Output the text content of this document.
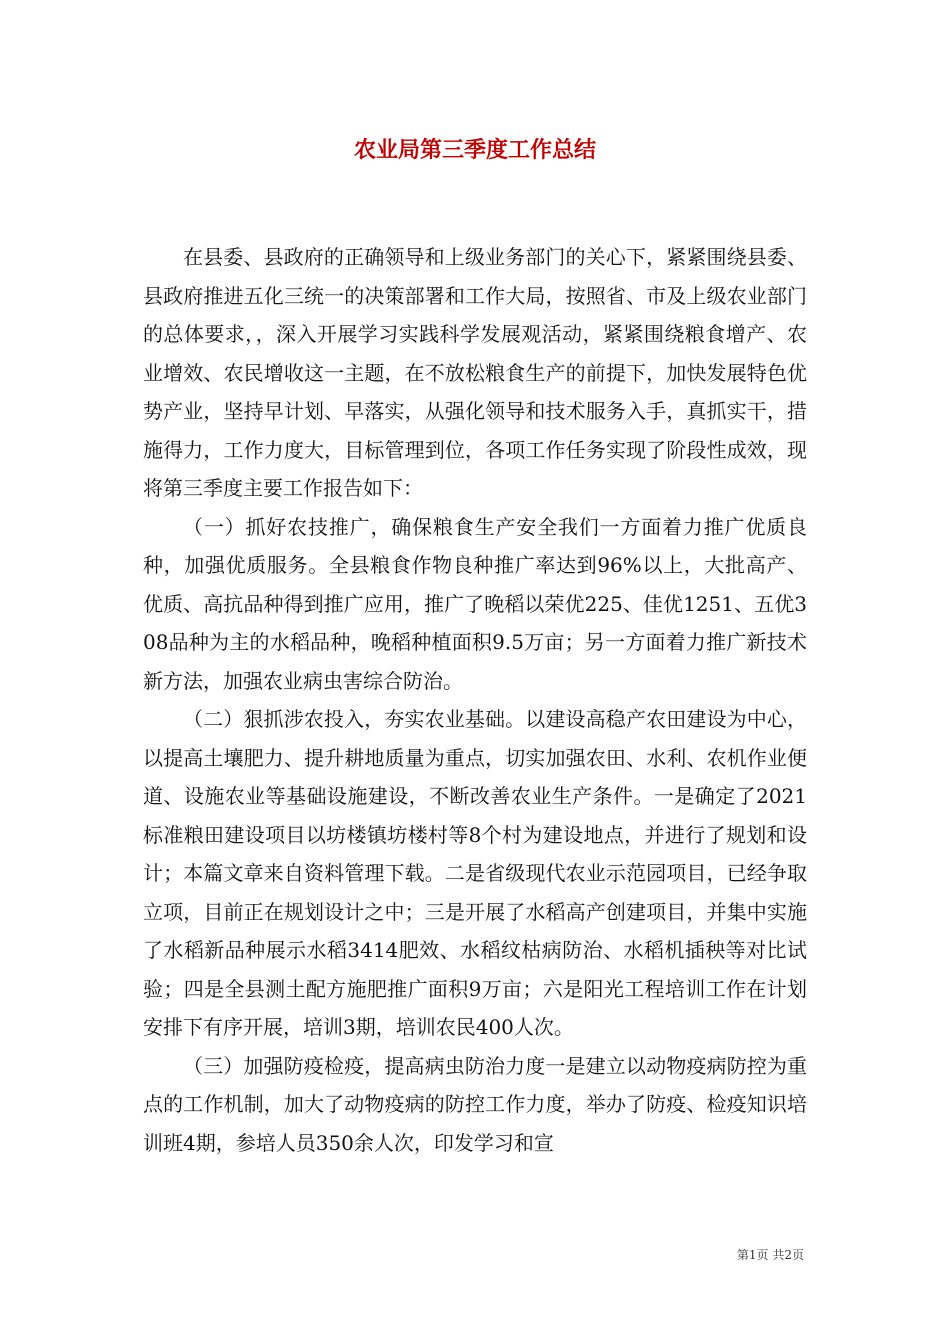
农业局第三季度工作总结

在县委、县政府的正确领导和上级业务部门的关心下，紧紧围绕县委、县政府推进五化三统一的决策部署和工作大局，按照省、市及上级农业部门的总体要求，，深入开展学习实践科学发展观活动，紧紧围绕粮食增产、农业增效、农民增收这一主题，在不放松粮食生产的前提下，加快发展特色优势产业，坚持早计划、早落实，从强化领导和技术服务入手，真抓实干，措施得力，工作力度大，目标管理到位，各项工作任务实现了阶段性成效，现将第三季度主要工作报告如下：

（一）抓好农技推广，确保粮食生产安全我们一方面着力推广优质良种，加强优质服务。全县粮食作物良种推广率达到96%以上，大批高产、优质、高抗品种得到推广应用，推广了晚稻以荣优225、佳优1251、五优308品种为主的水稻品种，晚稻种植面积9.5万亩；另一方面着力推广新技术新方法，加强农业病虫害综合防治。

（二）狠抓涉农投入，夯实农业基础。以建设高稳产农田建设为中心，以提高土壤肥力、提升耕地质量为重点，切实加强农田、水利、农机作业便道、设施农业等基础设施建设，不断改善农业生产条件。一是确定了2021标准粮田建设项目以坊楼镇坊楼村等8个村为建设地点，并进行了规划和设计；本篇文章来自资料管理下载。二是省级现代农业示范园项目，已经争取立项，目前正在规划设计之中；三是开展了水稻高产创建项目，并集中实施了水稻新品种展示水稻3414肥效、水稻纹枯病防治、水稻机插秧等对比试验；四是全县测土配方施肥推广面积9万亩；六是阳光工程培训工作在计划安排下有序开展，培训3期，培训农民400人次。

（三）加强防疫检疫，提高病虫防治力度一是建立以动物疫病防控为重点的工作机制，加大了动物疫病的防控工作力度，举办了防疫、检疫知识培训班4期，参培人员350余人次，印发学习和宣

第1页 共2页
